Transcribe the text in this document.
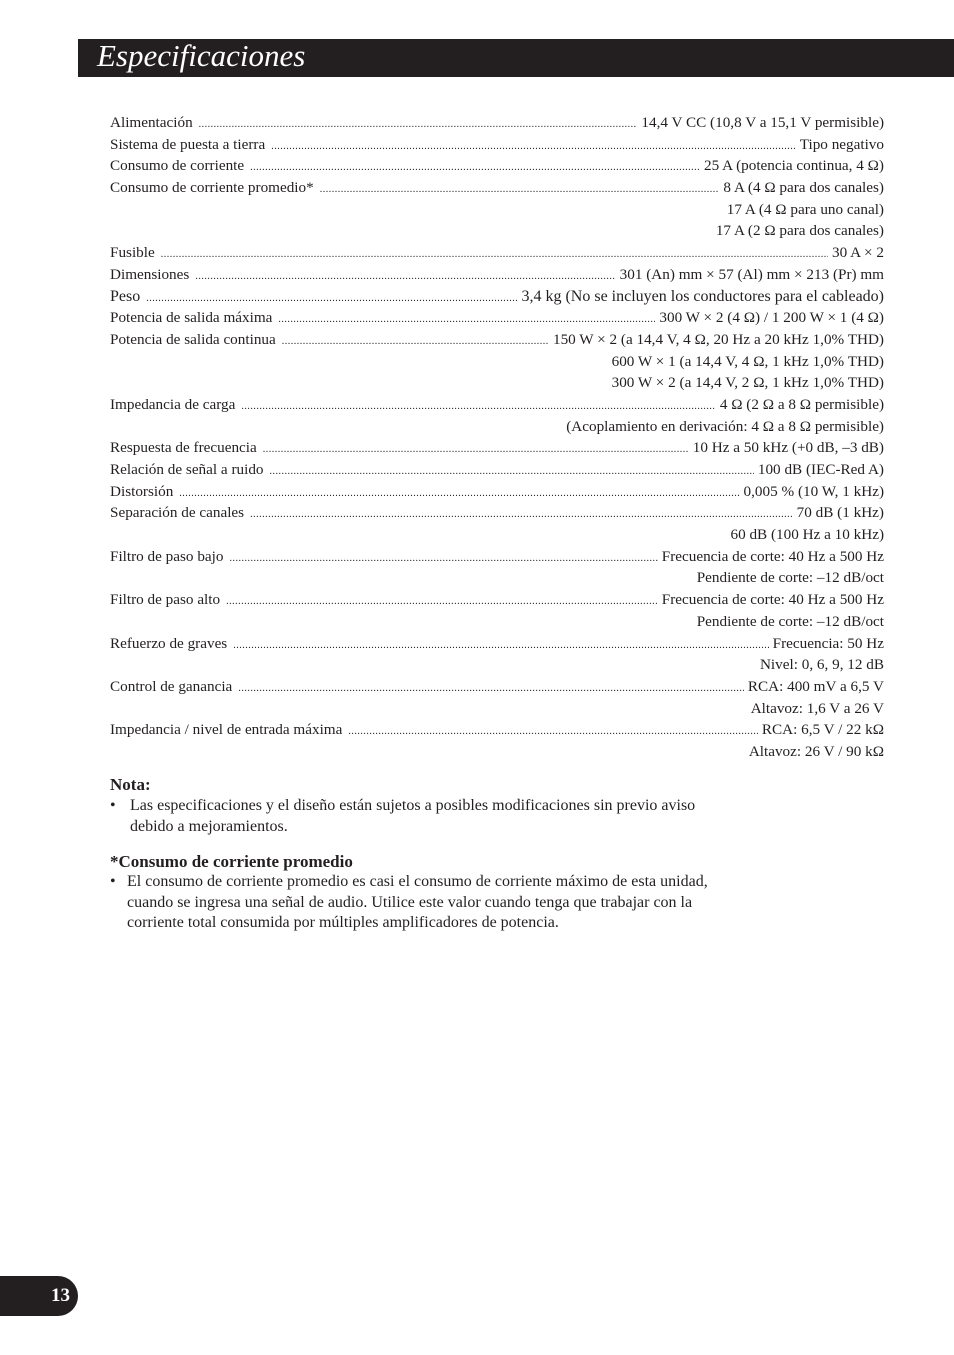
Especificaciones
Alimentación .....	14,4 V CC (10,8 V a 15,1 V permisible)
Sistema de puesta a tierra .....	Tipo negativo
Consumo de corriente .....	25 A (potencia continua, 4 Ω)
Consumo de corriente promedio* .....	8 A (4 Ω para dos canales)
17 A (4 Ω para uno canal)
17 A (2 Ω para dos canales)
Fusible .....	30 A × 2
Dimensiones .....	301 (An) mm × 57 (Al) mm × 213 (Pr) mm
Peso .....	3,4 kg (No se incluyen los conductores para el cableado)
Potencia de salida máxima .....	300 W × 2 (4 Ω) / 1 200 W × 1 (4 Ω)
Potencia de salida continua .....	150 W × 2 (a 14,4 V, 4 Ω, 20 Hz a 20 kHz 1,0% THD)
600 W × 1 (a 14,4 V, 4 Ω, 1 kHz 1,0% THD)
300 W × 2 (a 14,4 V, 2 Ω, 1 kHz 1,0% THD)
Impedancia de carga .....	4 Ω (2 Ω a 8 Ω permisible)
(Acoplamiento en derivación: 4 Ω a 8 Ω permisible)
Respuesta de frecuencia .....	10 Hz a 50 kHz (+0 dB, –3 dB)
Relación de señal a ruido .....	100 dB (IEC-Red A)
Distorsión .....	0,005 % (10 W, 1 kHz)
Separación de canales .....	70 dB (1 kHz)
60 dB (100 Hz a 10 kHz)
Filtro de paso bajo .....	Frecuencia de corte: 40 Hz a 500 Hz
Pendiente de corte: –12 dB/oct
Filtro de paso alto .....	Frecuencia de corte: 40 Hz a 500 Hz
Pendiente de corte: –12 dB/oct
Refuerzo de graves .....	Frecuencia: 50 Hz
Nivel: 0, 6, 9, 12 dB
Control de ganancia .....	RCA: 400 mV a 6,5 V
Altavoz: 1,6 V a 26 V
Impedancia / nivel de entrada máxima .....	RCA: 6,5 V / 22 kΩ
Altavoz: 26 V / 90 kΩ
Nota:
• Las especificaciones y el diseño están sujetos a posibles modificaciones sin previo aviso debido a mejoramientos.
*Consumo de corriente promedio
• El consumo de corriente promedio es casi el consumo de corriente máximo de esta unidad, cuando se ingresa una señal de audio. Utilice este valor cuando tenga que trabajar con la corriente total consumida por múltiples amplificadores de potencia.
13
